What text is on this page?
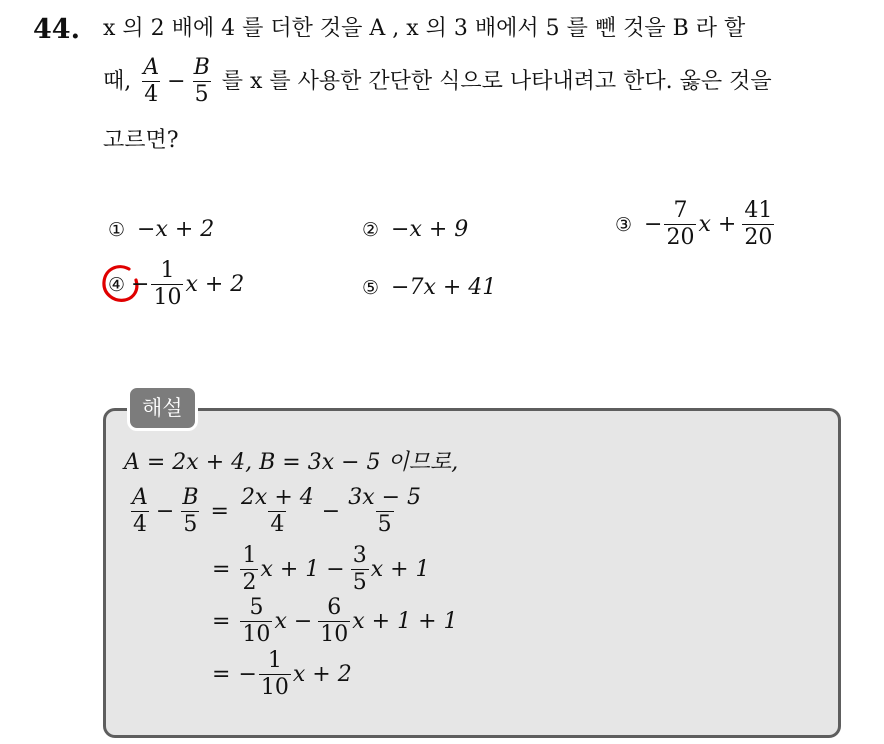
44. x 의 2 배에 4 를 더한 것을 A , x 의 3 배에서 5 를 뺀 것을 B 라 할
때, $\frac{A}{4} - \frac{B}{5}$ 를 x 를 사용한 간단한 식으로 나타내려고 한다. 옳은 것을
고르면?
① −x + 2	② −x + 9	③ − $\frac{7}{20}$ $x + \frac{41}{20}$
④ − $\frac{1}{10}$ x + 2	⑤ −7x + 41
해설
A = 2x + 4, B = 3x − 5 이므로,
$\frac{A}{4} - \frac{B}{5} = \frac{2x + 4}{4} - \frac{3x - 5}{5}$
= $\frac{1}{2}$ $x + 1 - \frac{3}{5}$ x + 1
= $\frac{5}{10}$ $x - \frac{6}{10}$ x + 1 + 1
= − $\frac{1}{10}$ x + 2
